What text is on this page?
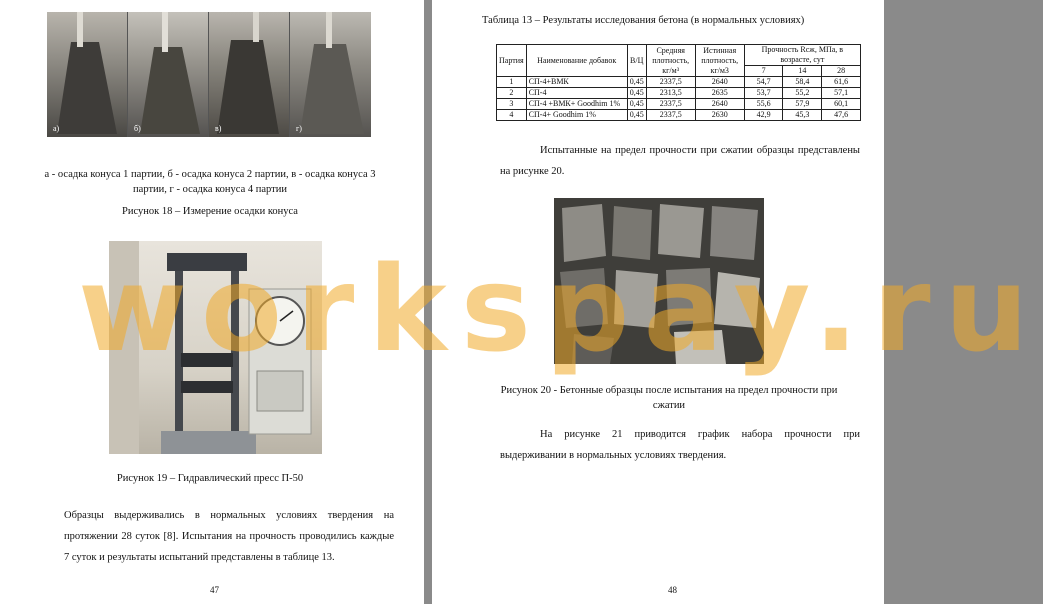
а)	б)	в)	г)
а - осадка конуса 1 партии, б - осадка конуса 2 партии, в - осадка конуса 3 партии, г - осадка конуса 4 партии
Рисунок 18 – Измерение осадки конуса
Рисунок 19 – Гидравлический пресс П-50
Образцы выдерживались в нормальных условиях твердения на протяжении 28 суток [8]. Испытания на прочность проводились каждые 7 суток и результаты испытаний представлены в таблице 13.
47
Таблица 13 – Результаты исследования бетона (в нормальных условиях)
Партия	Наименование добавок	В/Ц	Средняя плотность, кг/м³	Истинная плотность, кг/м3	Прочность Rсж, МПа, в возрасте, сут		
					7	14	28
1	СП-4+ВМК	0,45	2337,5	2640	54,7	58,4	61,6
2	СП-4	0,45	2313,5	2635	53,7	55,2	57,1
3	СП-4 +ВМК+ Goodhim 1%	0,45	2337,5	2640	55,6	57,9	60,1
4	СП-4+ Goodhim 1%	0,45	2337,5	2630	42,9	45,3	47,6
Испытанные на предел прочности при сжатии образцы представлены на рисунке 20.
Рисунок 20 - Бетонные образцы после испытания на предел прочности при сжатии
На рисунке 21 приводится график набора прочности при выдерживании в нормальных условиях твердения.
48
workspay.ru
